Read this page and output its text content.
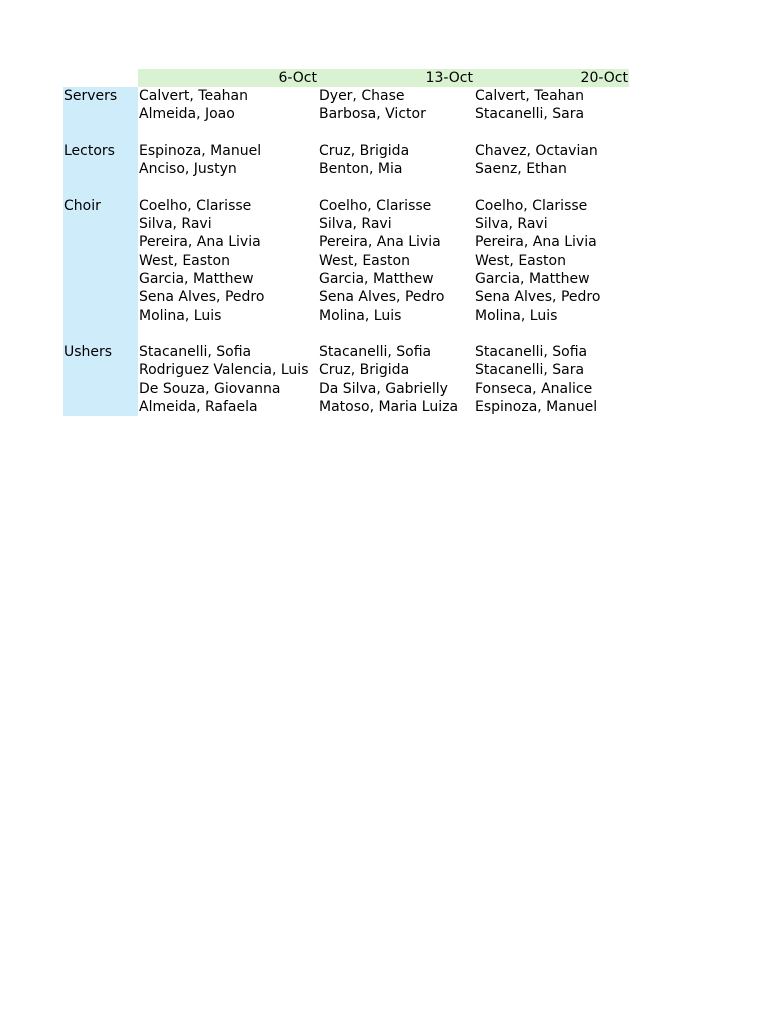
	6-Oct	13-Oct	20-Oct
Servers	Calvert, Teahan	Dyer, Chase	Calvert, Teahan
	Almeida, Joao	Barbosa, Victor	Stacanelli, Sara

Lectors	Espinoza, Manuel	Cruz, Brigida	Chavez, Octavian
	Anciso, Justyn	Benton, Mia	Saenz, Ethan

Choir	Coelho, Clarisse	Coelho, Clarisse	Coelho, Clarisse
	Silva, Ravi	Silva, Ravi	Silva, Ravi
	Pereira, Ana Livia	Pereira, Ana Livia	Pereira, Ana Livia
	West, Easton	West, Easton	West, Easton
	Garcia, Matthew	Garcia, Matthew	Garcia, Matthew
	Sena Alves, Pedro	Sena Alves, Pedro	Sena Alves, Pedro
	Molina, Luis	Molina, Luis	Molina, Luis

Ushers	Stacanelli, Sofia	Stacanelli, Sofia	Stacanelli, Sofia
	Rodriguez Valencia, Luis	Cruz, Brigida	Stacanelli, Sara
	De Souza, Giovanna	Da Silva, Gabrielly	Fonseca, Analice
	Almeida, Rafaela	Matoso, Maria Luiza	Espinoza, Manuel
